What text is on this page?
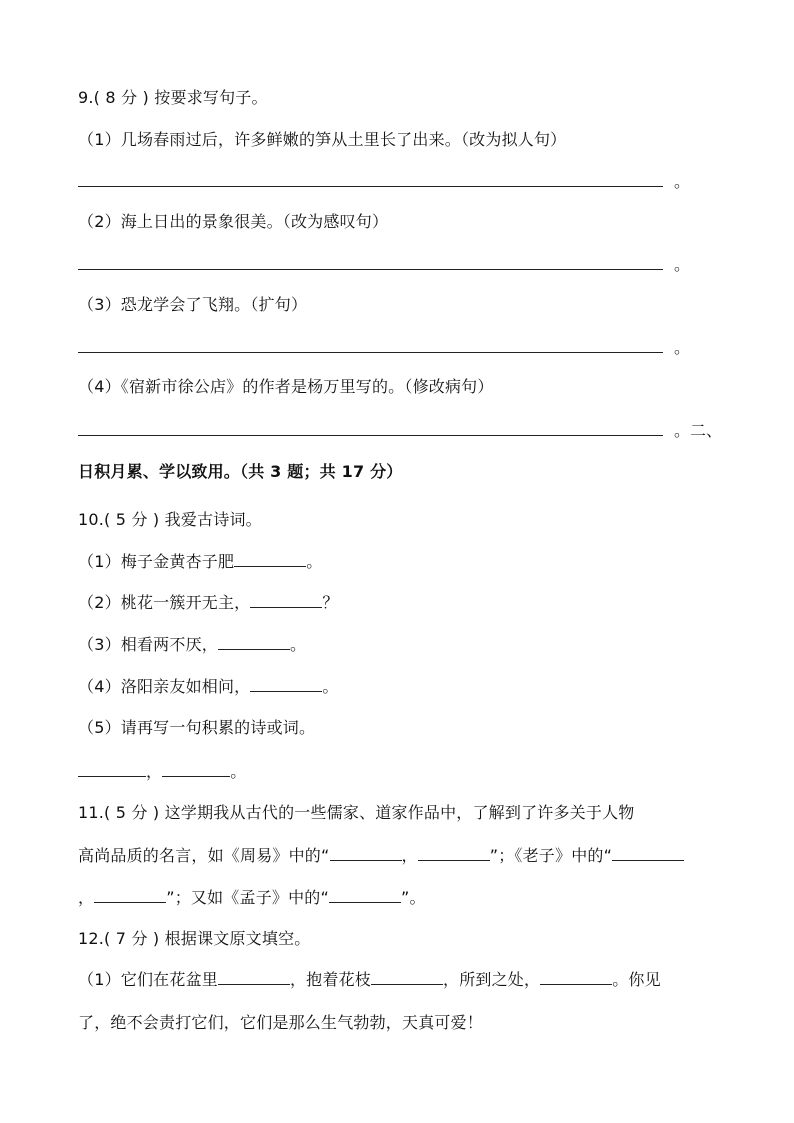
9.( 8 分 ) 按要求写句子。
（1）几场春雨过后，许多鲜嫩的笋从土里长了出来。（改为拟人句）
。
（2）海上日出的景象很美。（改为感叹句）
。
（3）恐龙学会了飞翔。（扩句）
。
（4）《宿新市徐公店》的作者是杨万里写的。（修改病句）
。二、
日积月累、学以致用。（共 3 题；共 17 分）
10.( 5 分 ) 我爱古诗词。
（1）梅子金黄杏子肥	。
（2）桃花一簇开无主，	？
（3）相看两不厌，	。
（4）洛阳亲友如相问，	。
（5）请再写一句积累的诗或词。
，	。
11.( 5 分 ) 这学期我从古代的一些儒家、道家作品中，了解到了许多关于人物
高尚品质的名言，如《周易》中的“	，	”；《老子》中的“
，	”；又如《孟子》中的“	”。
12.( 7 分 ) 根据课文原文填空。
（1）它们在花盆里	，抱着花枝	，所到之处，	。你见
了，绝不会责打它们，它们是那么生气勃勃，天真可爱！
